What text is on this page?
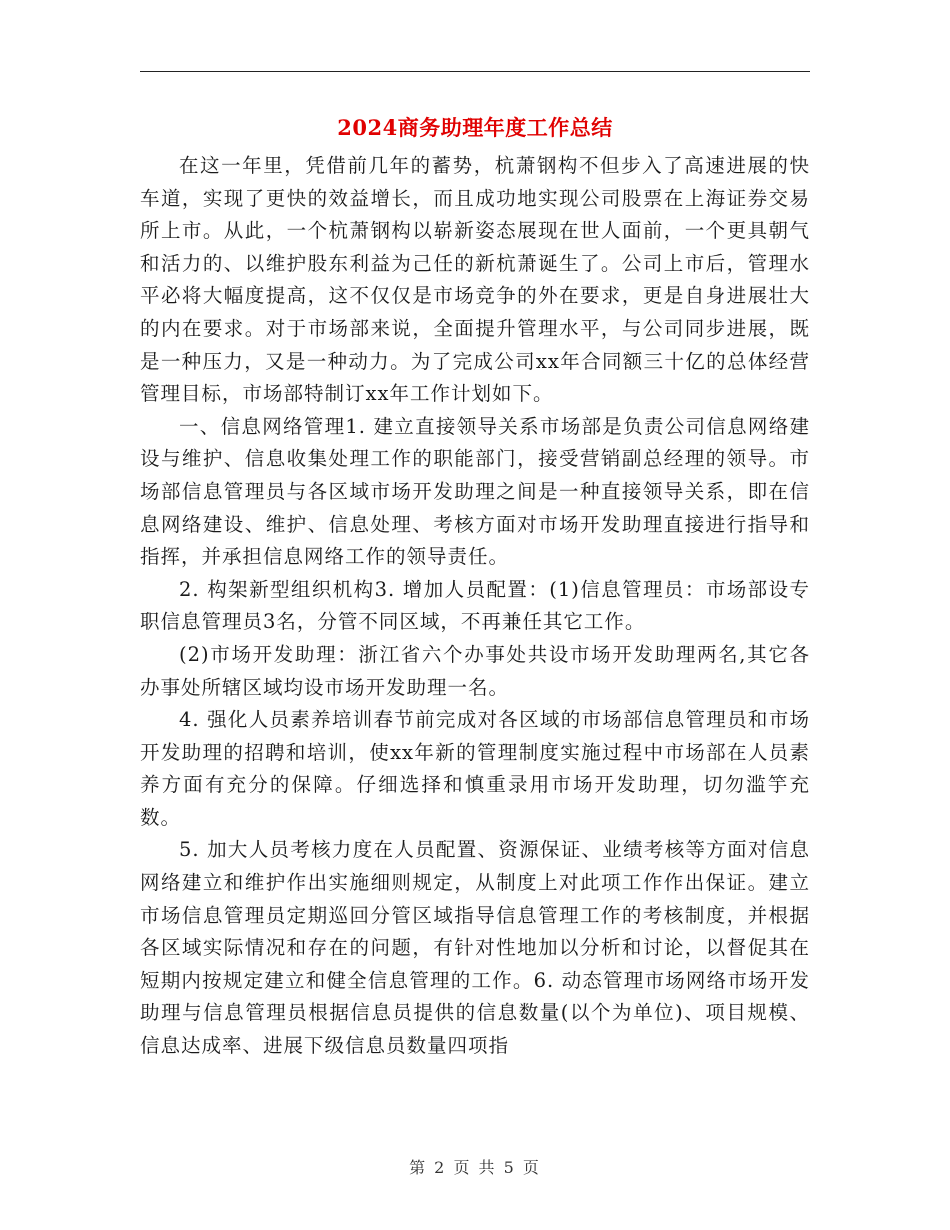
2024商务助理年度工作总结

在这一年里，凭借前几年的蓄势，杭萧钢构不但步入了高速进展的快车道，实现了更快的效益增长，而且成功地实现公司股票在上海证券交易所上市。从此，一个杭萧钢构以崭新姿态展现在世人面前，一个更具朝气和活力的、以维护股东利益为己任的新杭萧诞生了。公司上市后，管理水平必将大幅度提高，这不仅仅是市场竞争的外在要求，更是自身进展壮大的内在要求。对于市场部来说，全面提升管理水平，与公司同步进展，既是一种压力，又是一种动力。为了完成公司xx年合同额三十亿的总体经营管理目标，市场部特制订xx年工作计划如下。

一、信息网络管理1. 建立直接领导关系市场部是负责公司信息网络建设与维护、信息收集处理工作的职能部门，接受营销副总经理的领导。市场部信息管理员与各区域市场开发助理之间是一种直接领导关系，即在信息网络建设、维护、信息处理、考核方面对市场开发助理直接进行指导和指挥，并承担信息网络工作的领导责任。

2. 构架新型组织机构3. 增加人员配置：(1)信息管理员：市场部设专职信息管理员3名，分管不同区域，不再兼任其它工作。

(2)市场开发助理：浙江省六个办事处共设市场开发助理两名,其它各办事处所辖区域均设市场开发助理一名。

4. 强化人员素养培训春节前完成对各区域的市场部信息管理员和市场开发助理的招聘和培训，使xx年新的管理制度实施过程中市场部在人员素养方面有充分的保障。仔细选择和慎重录用市场开发助理，切勿滥竽充数。

5. 加大人员考核力度在人员配置、资源保证、业绩考核等方面对信息网络建立和维护作出实施细则规定，从制度上对此项工作作出保证。建立市场信息管理员定期巡回分管区域指导信息管理工作的考核制度，并根据各区域实际情况和存在的问题，有针对性地加以分析和讨论，以督促其在短期内按规定建立和健全信息管理的工作。6. 动态管理市场网络市场开发助理与信息管理员根据信息员提供的信息数量(以个为单位)、项目规模、信息达成率、进展下级信息员数量四项指

第 2 页 共 5 页
